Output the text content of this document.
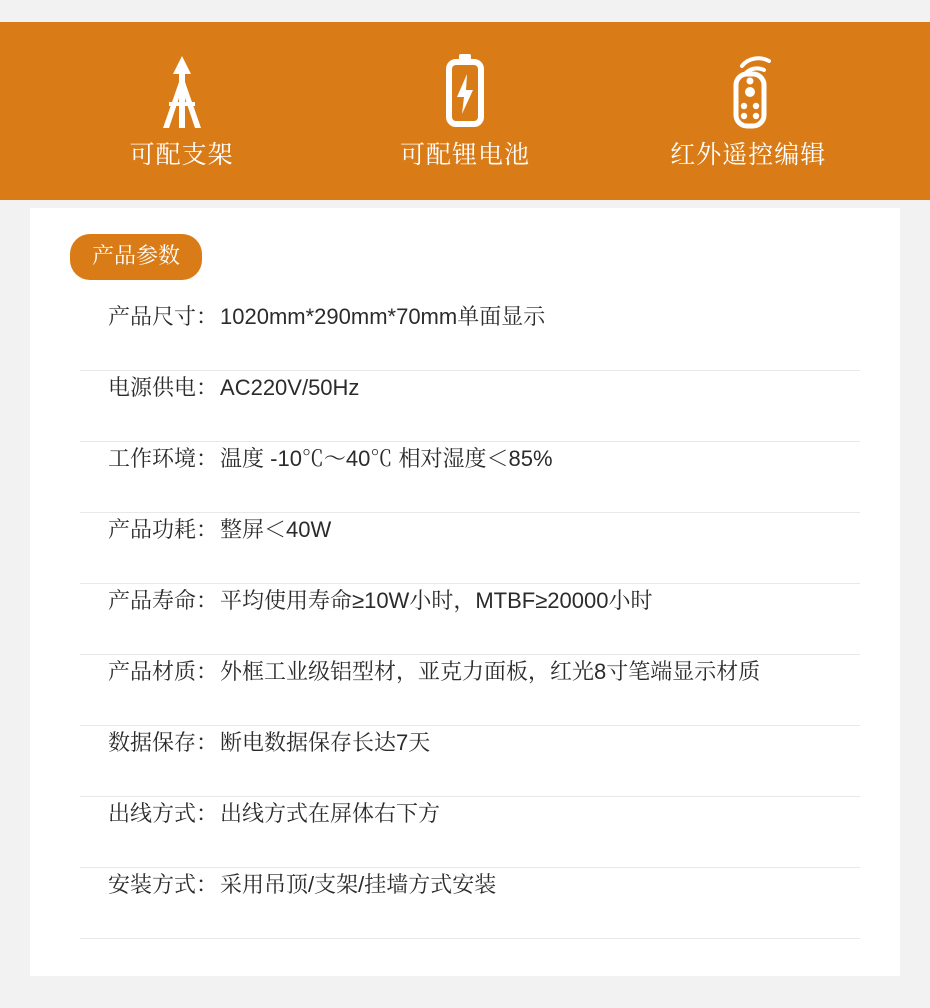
可配支架	可配锂电池	红外遥控编辑
产品参数
产品尺寸： 1020mm*290mm*70mm单面显示
电源供电： AC220V/50Hz
工作环境： 温度 -10℃～40℃ 相对湿度＜85%
产品功耗： 整屏＜40W
产品寿命： 平均使用寿命≥10W小时，MTBF≥20000小时
产品材质： 外框工业级铝型材，亚克力面板，红光8寸笔端显示材质
数据保存： 断电数据保存长达7天
出线方式： 出线方式在屏体右下方
安装方式： 采用吊顶/支架/挂墙方式安装
